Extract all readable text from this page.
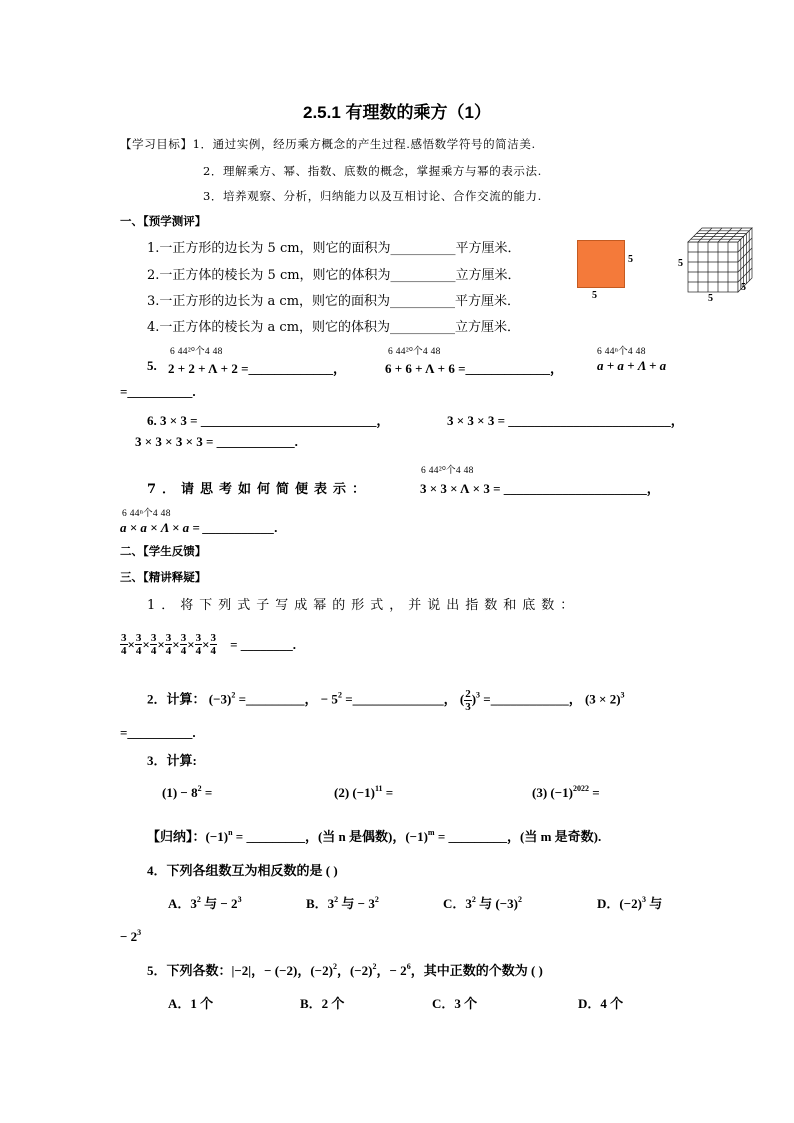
2.5.1 有理数的乘方（1）
【学习目标】1．通过实例，经历乘方概念的产生过程.感悟数学符号的简洁美.
2．理解乘方、幂、指数、底数的概念，掌握乘方与幂的表示法.
3．培养观察、分析，归纳能力以及互相讨论、合作交流的能力.
一、【预学测评】
1.一正方形的边长为 5 cm，则它的面积为__________平方厘米．
2.一正方体的棱长为 5 cm，则它的体积为__________立方厘米．
3.一正方形的边长为 a cm，则它的面积为__________平方厘米．
4.一正方体的棱长为 a cm，则它的体积为__________立方厘米．
5
5
5
5
5
6 44²⁰个4 48	6 44²⁰个4 48	6 44ⁿ个4 48
5. 2 + 2 + Λ + 2 =_____________，	6 + 6 + Λ + 6 =_____________，	a + a + Λ + a
=__________.
6. 3 × 3 = ___________________________，	3 × 3 × 3 = _________________________，
3 × 3 × 3 × 3 = ____________.
6 44²⁰个4 48
7．请思考如何简便表示：	3 × 3 × Λ × 3 = ______________________，
6 44ⁿ个4 48
a × a × Λ × a = ___________.
二、【学生反馈】
三、【精讲释疑】
1．将下列式子写成幂的形式，并说出指数和底数：
$\frac{3}{4} \times \frac{3}{4} \times \frac{3}{4} \times \frac{3}{4} \times \frac{3}{4} \times \frac{3}{4} \times \frac{3}{4}$ = ________.
2．计算： $(-3)^2$ =_________， − $5^2$ =______________， ( $\frac{2}{3} )^3$ =____________， $(3 \times 2)^3$
=__________.
3．计算:
$(1) - 8^2$ =	(2) $(-1)^{11}$ =	(3) $(-1)^{2022}$ =
【归纳】：$(-1)^n$ = _________，(当 n 是偶数)，$(-1)^m$ = _________，(当 m 是奇数).
4．下列各组数互为相反数的是 ( )
A．$3^2$ 与 − $2^3$	B．$3^2$ 与 − $3^2$	C．$3^2$ 与 $(-3)^2$	D．$(-2)^3$ 与
− $2^3$
5．下列各数：|−2|，− (−2)，$(-2)^2$，$(-2)^2$，− $2^6$，其中正数的个数为 ( )
A．1 个	B．2 个	C．3 个	D．4 个
